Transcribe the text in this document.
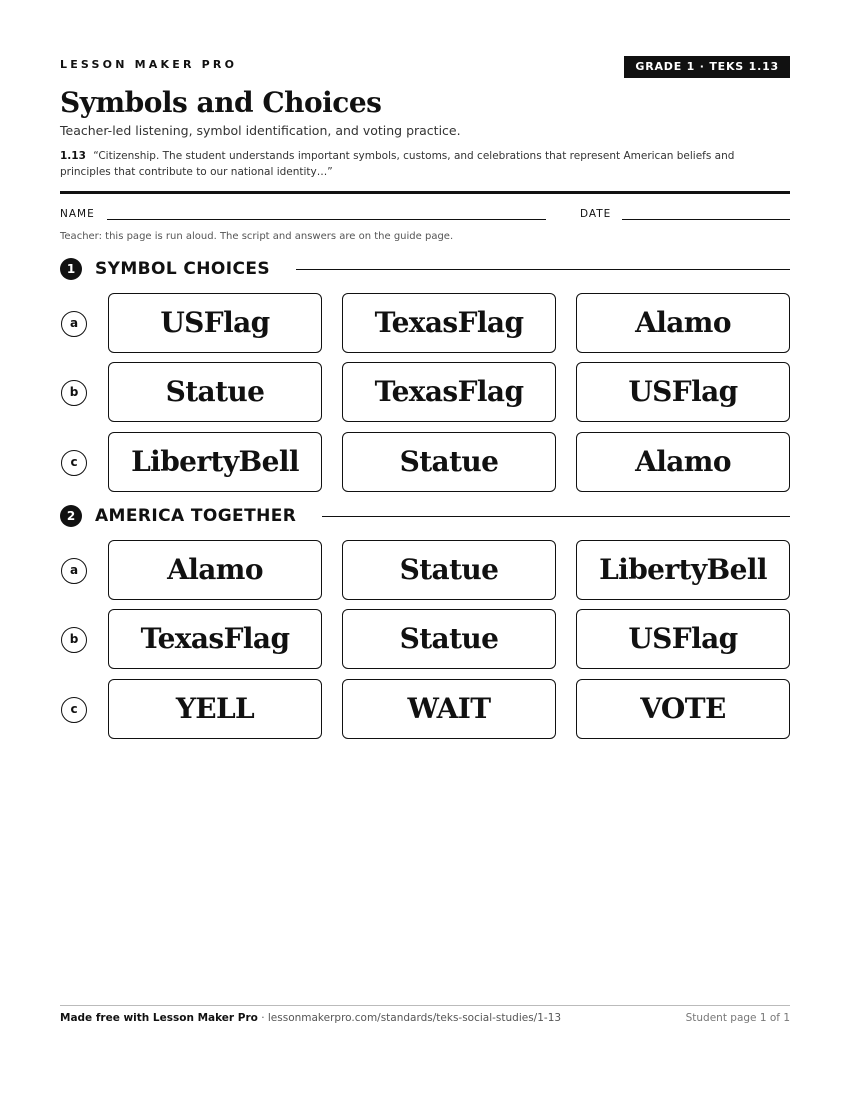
LESSON MAKER PRO	GRADE 1 · TEKS 1.13
Symbols and Choices
Teacher-led listening, symbol identification, and voting practice.
1.13 “Citizenship. The student understands important symbols, customs, and celebrations that represent American beliefs and principles that contribute to our national identity…”
NAME	DATE
Teacher: this page is run aloud. The script and answers are on the guide page.
1	SYMBOL CHOICES
a	USFlag	TexasFlag	Alamo
b	Statue	TexasFlag	USFlag
c	LibertyBell	Statue	Alamo
2	AMERICA TOGETHER
a	Alamo	Statue	LibertyBell
b	TexasFlag	Statue	USFlag
c	YELL	WAIT	VOTE
Made free with Lesson Maker Pro · lessonmakerpro.com/standards/teks-social-studies/1-13	Student page 1 of 1
